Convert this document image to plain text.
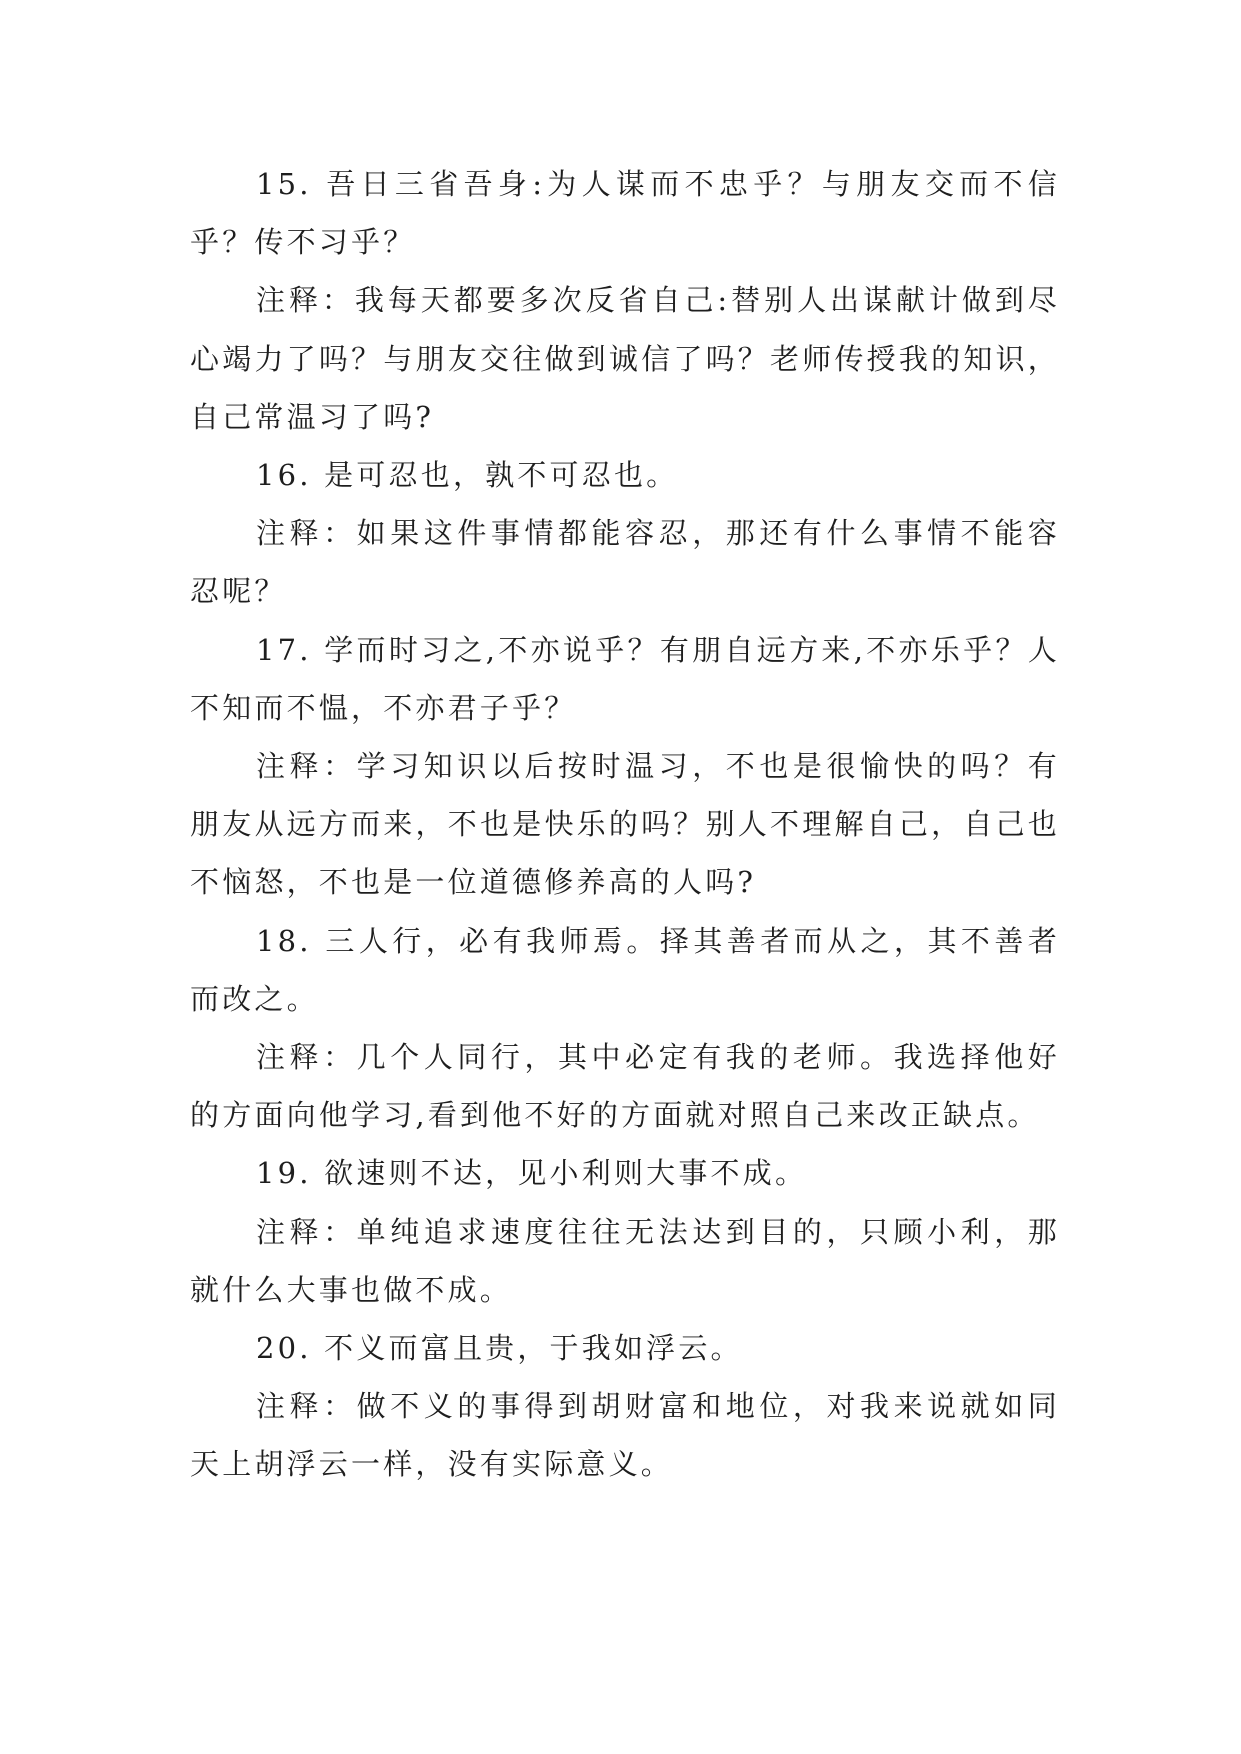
15. 吾日三省吾身:为人谋而不忠乎？与朋友交而不信乎？传不习乎？

注释：我每天都要多次反省自己:替别人出谋献计做到尽心竭力了吗？与朋友交往做到诚信了吗？老师传授我的知识，自己常温习了吗?

16. 是可忍也，孰不可忍也。

注释：如果这件事情都能容忍，那还有什么事情不能容忍呢？

17. 学而时习之,不亦说乎？有朋自远方来,不亦乐乎？人不知而不愠，不亦君子乎？

注释：学习知识以后按时温习，不也是很愉快的吗？有朋友从远方而来，不也是快乐的吗？别人不理解自己，自己也不恼怒，不也是一位道德修养高的人吗?

18. 三人行，必有我师焉。择其善者而从之，其不善者而改之。

注释：几个人同行，其中必定有我的老师。我选择他好的方面向他学习,看到他不好的方面就对照自己来改正缺点。

19. 欲速则不达，见小利则大事不成。

注释：单纯追求速度往往无法达到目的，只顾小利，那就什么大事也做不成。

20. 不义而富且贵，于我如浮云。

注释：做不义的事得到胡财富和地位，对我来说就如同天上胡浮云一样，没有实际意义。
